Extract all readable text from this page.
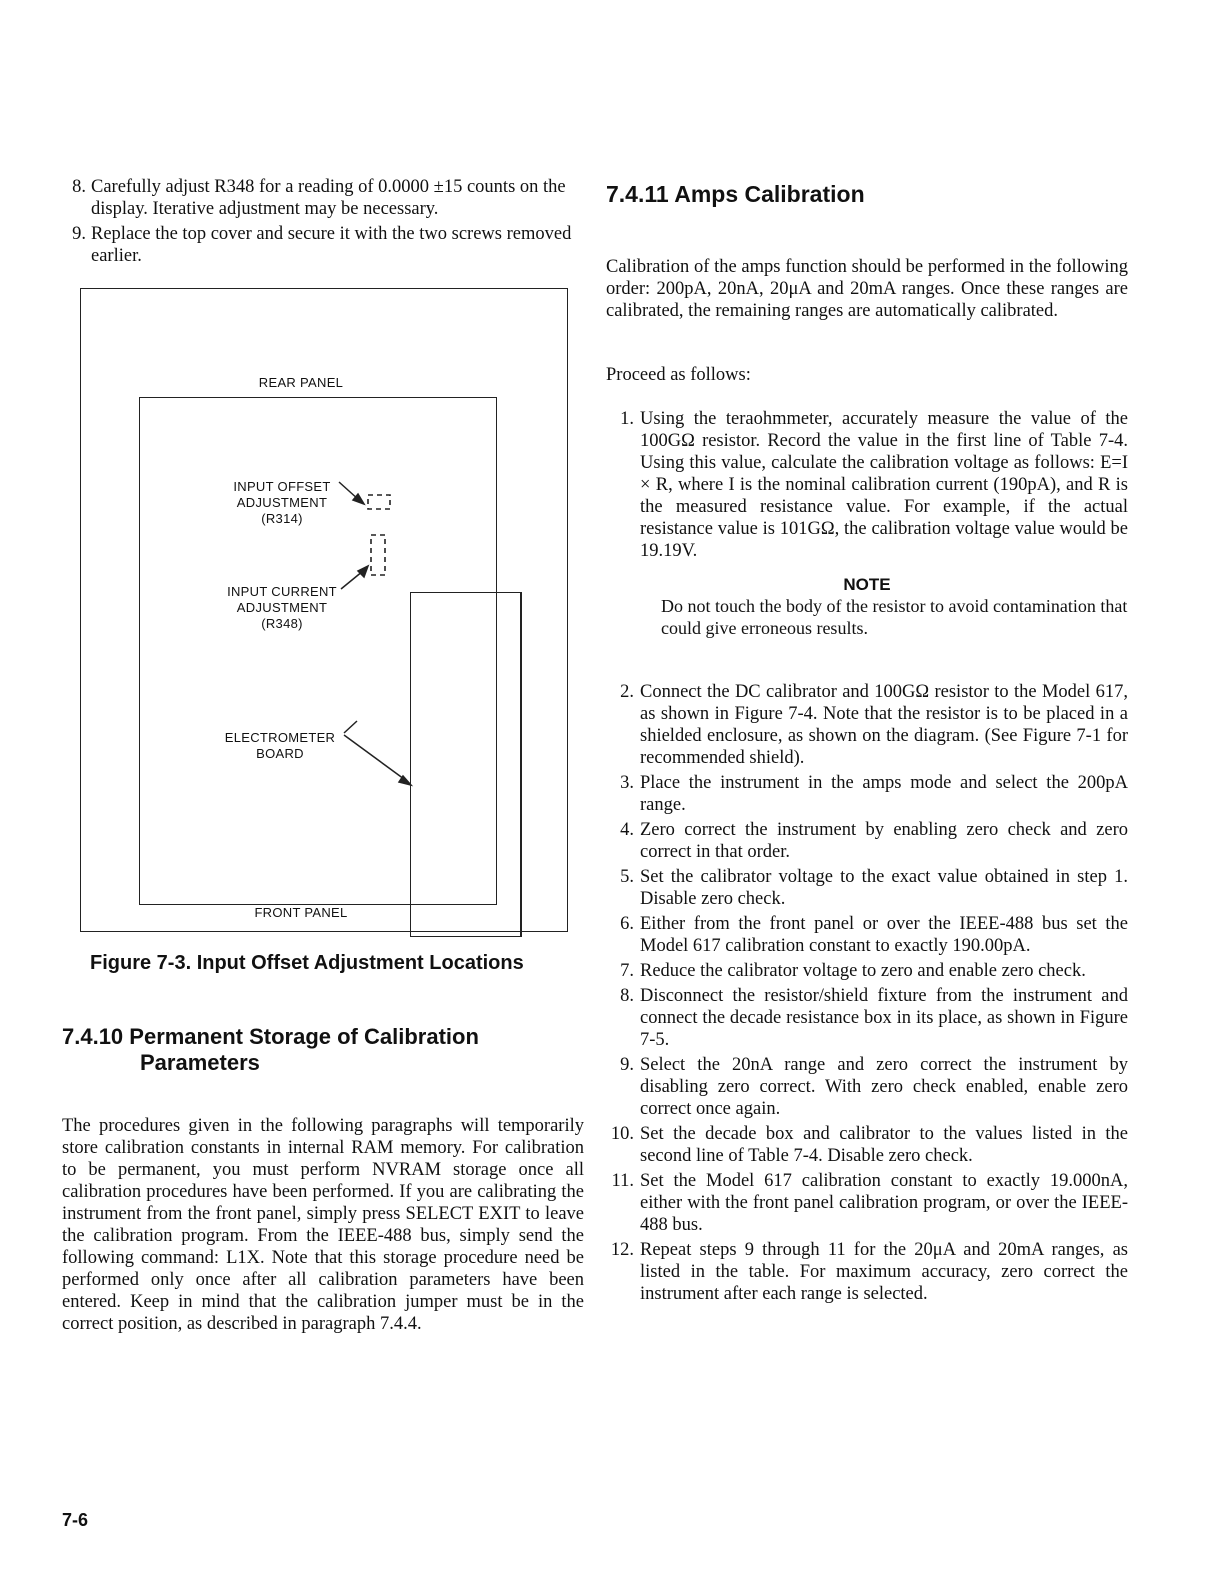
8. Carefully adjust R348 for a reading of 0.0000 ±15 counts on the display. Iterative adjustment may be necessary.
9. Replace the top cover and secure it with the two screws removed earlier.
REAR PANEL
INPUT OFFSET
ADJUSTMENT
(R314)
INPUT CURRENT
ADJUSTMENT
(R348)
ELECTROMETER
BOARD
FRONT PANEL
Figure 7-3. Input Offset Adjustment Locations

7.4.10 Permanent Storage of Calibration

Parameters

The procedures given in the following paragraphs will temporarily store calibration constants in internal RAM memory. For calibration to be permanent, you must perform NVRAM storage once all calibration procedures have been performed. If you are calibrating the instrument from the front panel, simply press SELECT EXIT to leave the calibration program. From the IEEE-488 bus, simply send the following command: L1X. Note that this storage procedure need be performed only once after all calibration parameters have been entered. Keep in mind that the calibration jumper must be in the correct position, as described in paragraph 7.4.4.

7.4.11 Amps Calibration

Calibration of the amps function should be performed in the following order: 200pA, 20nA, 20μA and 20mA ranges. Once these ranges are calibrated, the remaining ranges are automatically calibrated.

Proceed as follows:

1. Using the teraohmmeter, accurately measure the value of the 100GΩ resistor. Record the value in the first line of Table 7-4. Using this value, calculate the calibration voltage as follows: E=I × R, where I is the nominal calibration current (190pA), and R is the measured resistance value. For example, if the actual resistance value is 101GΩ, the calibration voltage value would be 19.19V.

NOTE

Do not touch the body of the resistor to avoid contamination that could give erroneous results.

2. Connect the DC calibrator and 100GΩ resistor to the Model 617, as shown in Figure 7-4. Note that the resistor is to be placed in a shielded enclosure, as shown on the diagram. (See Figure 7-1 for recommended shield).
3. Place the instrument in the amps mode and select the 200pA range.
4. Zero correct the instrument by enabling zero check and zero correct in that order.
5. Set the calibrator voltage to the exact value obtained in step 1. Disable zero check.
6. Either from the front panel or over the IEEE-488 bus set the Model 617 calibration constant to exactly 190.00pA.
7. Reduce the calibrator voltage to zero and enable zero check.
8. Disconnect the resistor/shield fixture from the instrument and connect the decade resistance box in its place, as shown in Figure 7-5.
9. Select the 20nA range and zero correct the instrument by disabling zero correct. With zero check enabled, enable zero correct once again.
10. Set the decade box and calibrator to the values listed in the second line of Table 7-4. Disable zero check.
11. Set the Model 617 calibration constant to exactly 19.000nA, either with the front panel calibration program, or over the IEEE-488 bus.
12. Repeat steps 9 through 11 for the 20μA and 20mA ranges, as listed in the table. For maximum accuracy, zero correct the instrument after each range is selected.
7-6
